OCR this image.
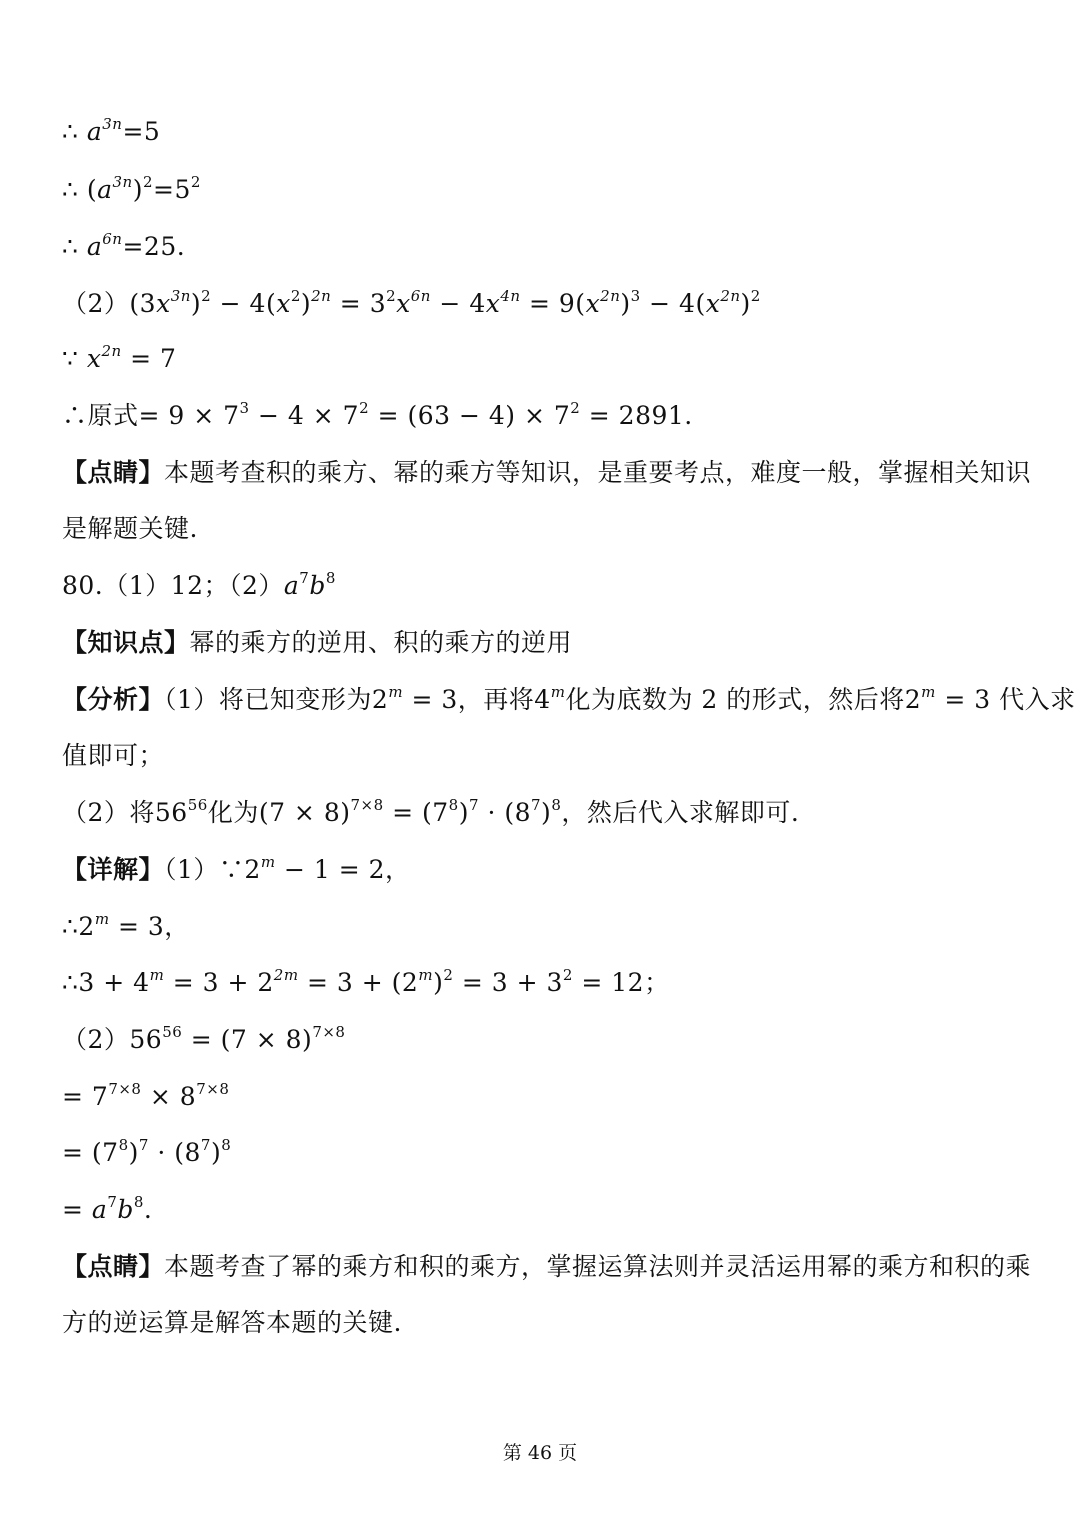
∴ $a^{3n}=5$
∴ $(a^{3n})^2=5^2$
∴ $a^{6n}=25$.
$(2)(3x^{3n})^2 - 4(x^2)^{2n} = 3^2x^{6n} - 4x^{4n} = 9(x^{2n})^3 - 4(x^{2n})^2$
∵ $x^{2n} = 7$
∴原式= $9 \times 7^3 - 4 \times 7^2 = (63 - 4) \times 7^2 = 2891$.
【点睛】本题考查积的乘方、幂的乘方等知识，是重要考点，难度一般，掌握相关知识
是解题关键.
80.（1）12；$(2)a^7b^8$
【知识点】幂的乘方的逆用、积的乘方的逆用
【分析】（1）将已知变形为$2^m = 3$，再将4$^m$化为底数为 2 的形式，然后将$2^m = 3$ 代入求
值即可；
（2）将$56^{56}$化为$(7 \times 8)^{7\times 8} = (7^8)^7 \cdot (8^7)^8$，然后代入求解即可.
【详解】$(1)\because 2^m - 1 = 2$，
$\therefore 2^m = 3$，
∴3 + $4^m = 3 + 2^{2m} = 3 + (2^m)^2 = 3 + 3^2 = 12$；
$(2)56^{56} = (7 \times 8)^{7\times 8}$
= $7^{7\times 8} \times 8^{7\times 8}$
= $(7^8)^7 \cdot (8^7)^8$
= $a^7b^8$.
【点睛】本题考查了幂的乘方和积的乘方，掌握运算法则并灵活运用幂的乘方和积的乘
方的逆运算是解答本题的关键.
第 46 页
